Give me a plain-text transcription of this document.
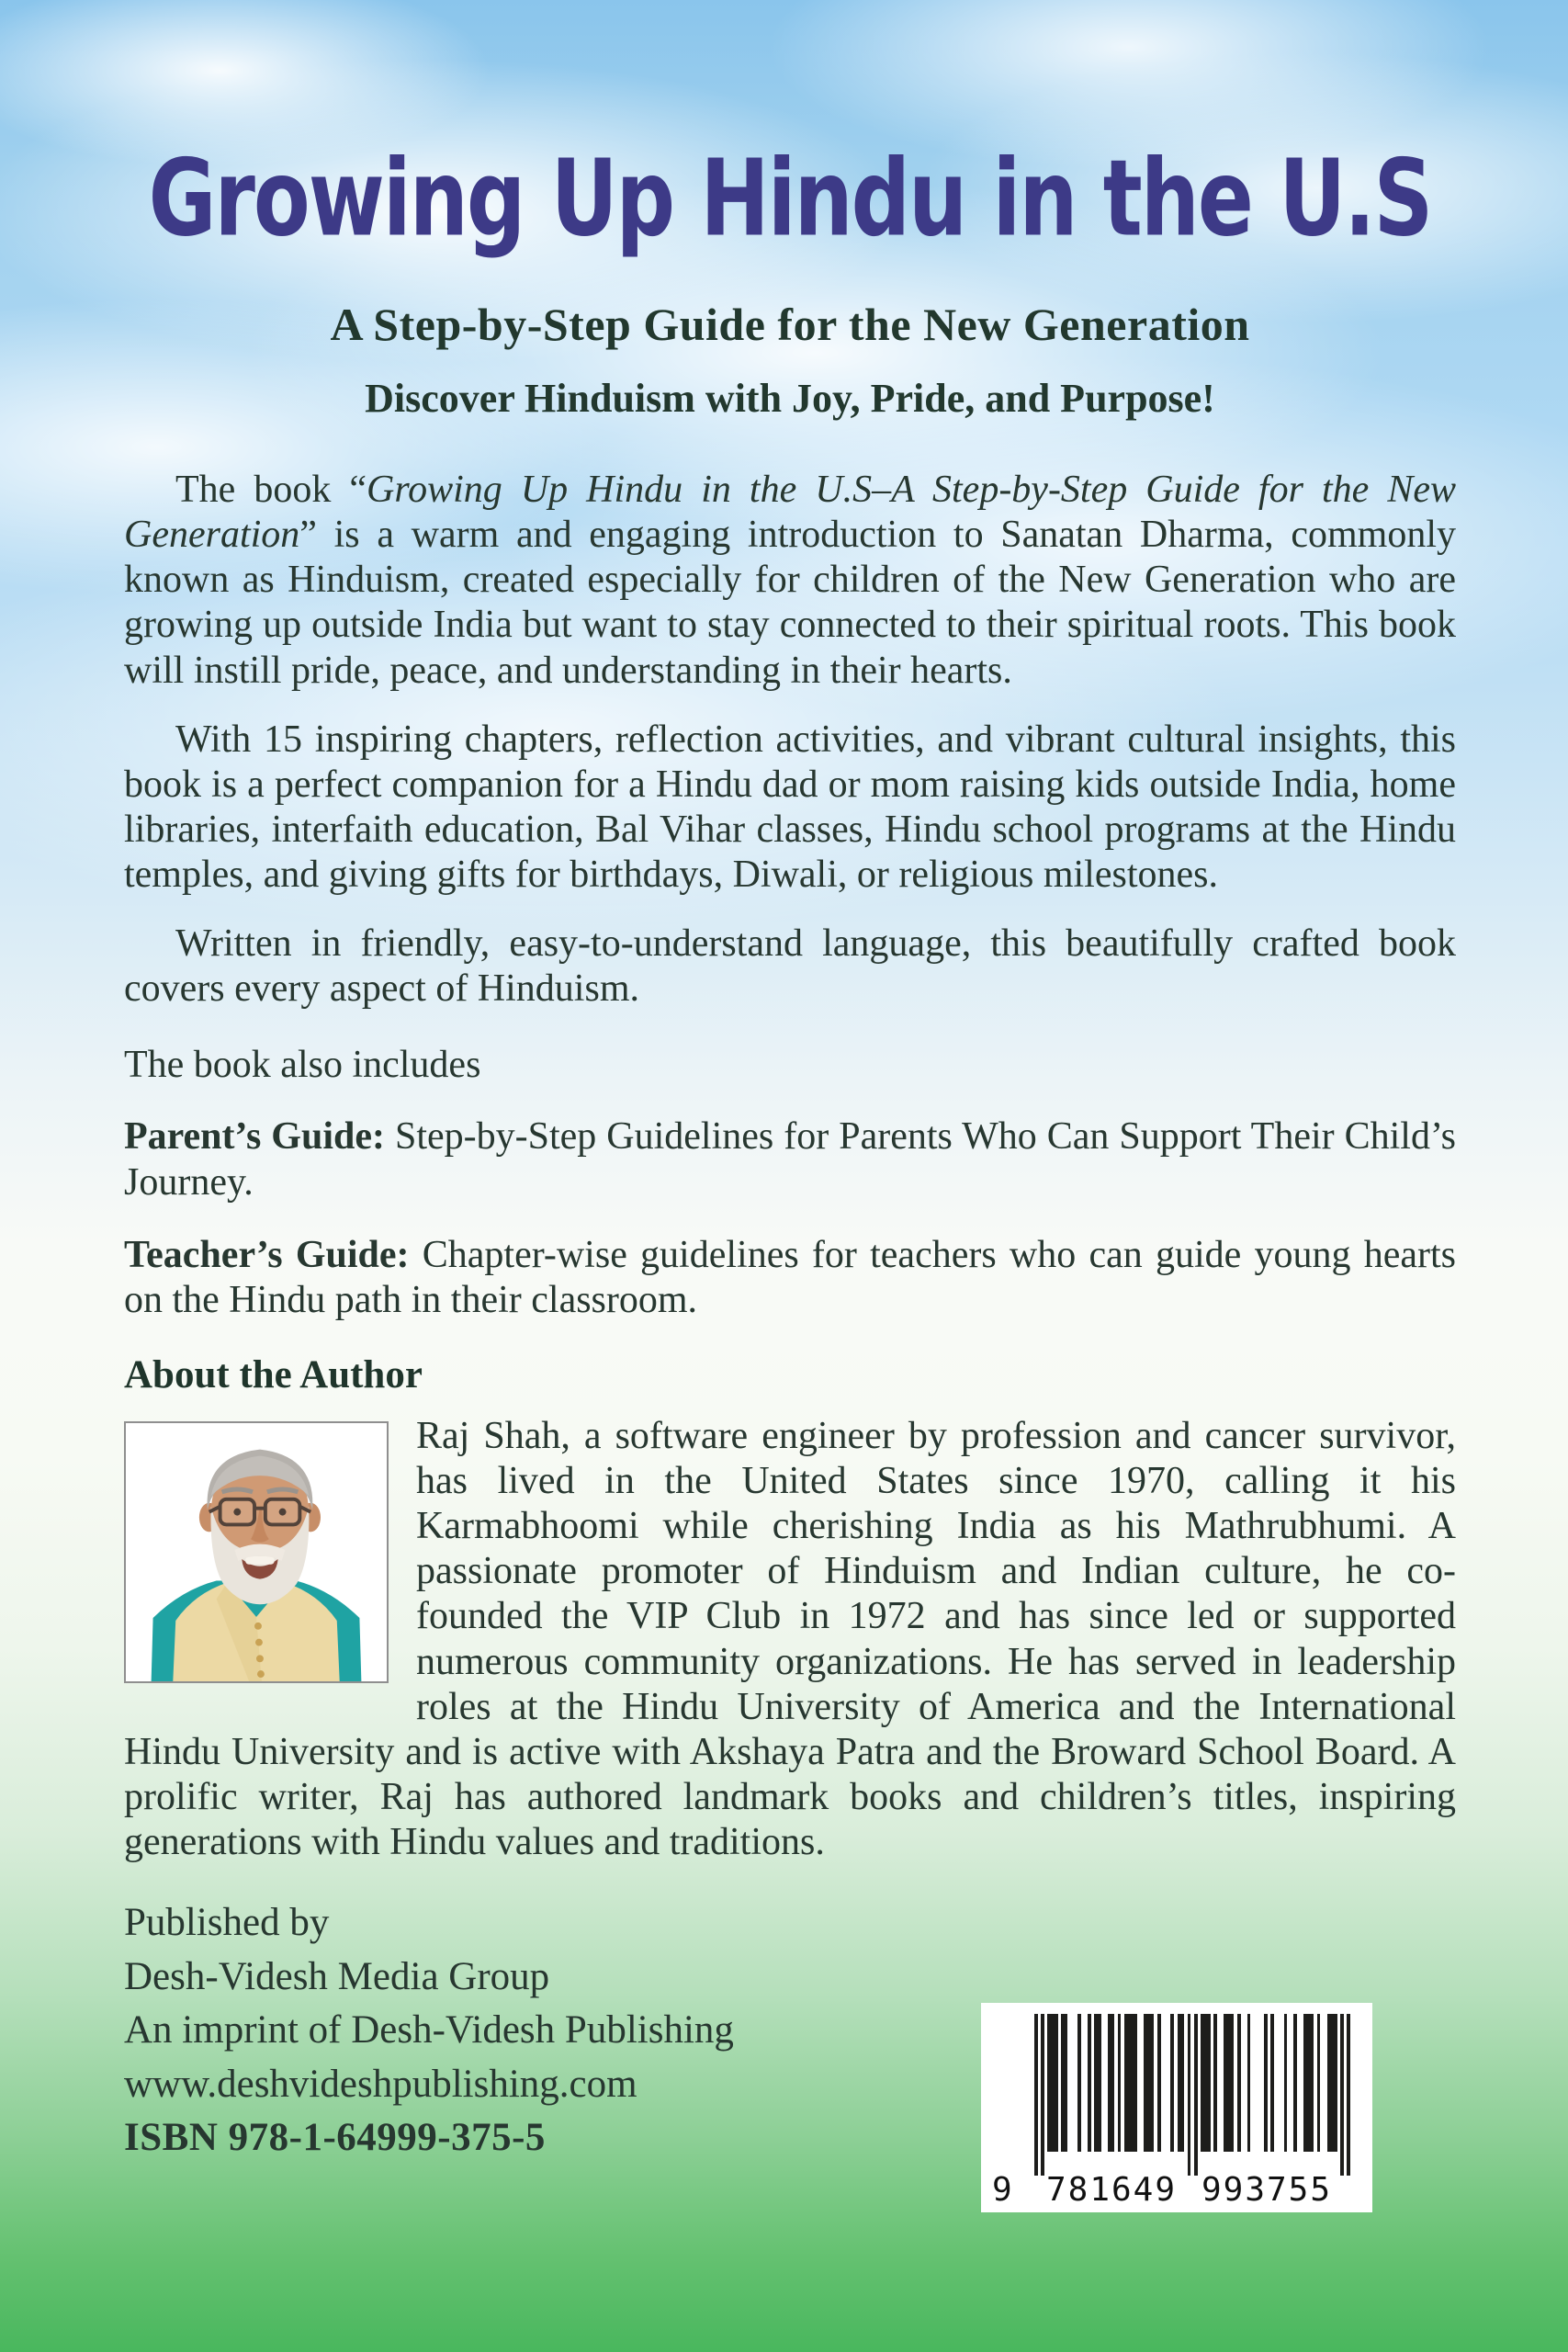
Growing Up Hindu in the U.S
A Step-by-Step Guide for the New Generation
Discover Hinduism with Joy, Pride, and Purpose!

The book “Growing Up Hindu in the U.S–A Step-by-Step Guide for the New Generation” is a warm and engaging introduction to Sanatan Dharma, commonly known as Hinduism, created especially for children of the New Generation who are growing up outside India but want to stay connected to their spiritual roots. This book will instill pride, peace, and understanding in their hearts.

With 15 inspiring chapters, reflection activities, and vibrant cultural insights, this book is a perfect companion for a Hindu dad or mom raising kids outside India, home libraries, interfaith education, Bal Vihar classes, Hindu school programs at the Hindu temples, and giving gifts for birthdays, Diwali, or religious milestones.

Written in friendly, easy-to-understand language, this beautifully crafted book covers every aspect of Hinduism.

The book also includes

Parent’s Guide: Step-by-Step Guidelines for Parents Who Can Support Their Child’s Journey.

Teacher’s Guide: Chapter-wise guidelines for teachers who can guide young hearts on the Hindu path in their classroom.

About the Author

Raj Shah, a software engineer by profession and cancer survivor, has lived in the United States since 1970, calling it his Karmabhoomi while cherishing India as his Mathrubhumi. A passionate promoter of Hinduism and Indian culture, he co-founded the VIP Club in 1972 and has since led or supported numerous community organizations. He has served in leadership roles at the Hindu University of America and the International Hindu University and is active with Akshaya Patra and the Broward School Board. A prolific writer, Raj has authored landmark books and children’s titles, inspiring generations with Hindu values and traditions.

Published by
Desh-Videsh Media Group
An imprint of Desh-Videsh Publishing
www.deshvideshpublishing.com
ISBN 978-1-64999-375-5
9 781649 993755
